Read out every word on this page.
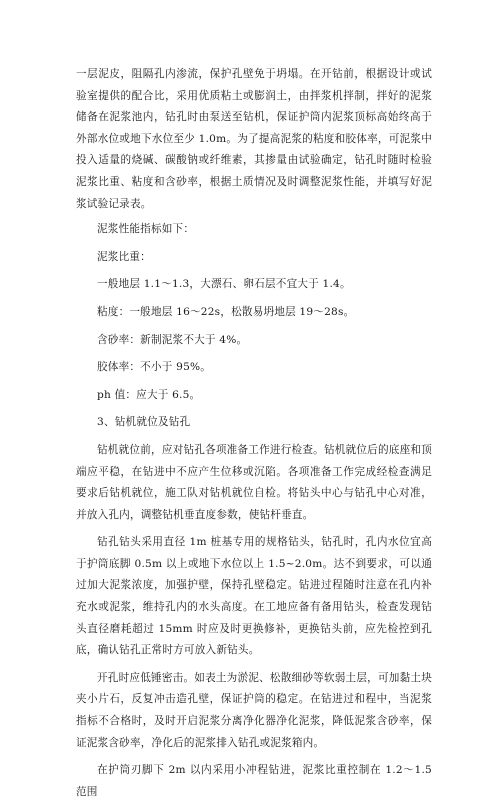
一层泥皮，阻隔孔内渗流，保护孔壁免于坍塌。在开钻前，根据设计或试验室提供的配合比，采用优质粘土或膨润土，由拌浆机拌制，拌好的泥浆储备在泥浆池内，钻孔时由泵送至钻机，保证护筒内泥浆顶标高始终高于外部水位或地下水位至少 1.0m。为了提高泥浆的粘度和胶体率，可泥浆中投入适量的烧碱、碳酸钠或纤维素，其掺量由试验确定，钻孔时随时检验泥浆比重、粘度和含砂率，根据土质情况及时调整泥浆性能，并填写好泥浆试验记录表。

泥浆性能指标如下：

泥浆比重：

一般地层 1.1～1.3，大漂石、卵石层不宜大于 1.4。

粘度：一般地层 16～22s，松散易坍地层 19～28s。

含砂率：新制泥浆不大于 4%。

胶体率：不小于 95%。

ph 值：应大于 6.5。

3、钻机就位及钻孔

钻机就位前，应对钻孔各项准备工作进行检查。钻机就位后的底座和顶端应平稳，在钻进中不应产生位移或沉陷。各项准备工作完成经检查满足要求后钻机就位，施工队对钻机就位自检。将钻头中心与钻孔中心对准，并放入孔内，调整钻机垂直度参数，使钻杆垂直。

钻孔钻头采用直径 1m 桩基专用的规格钻头，钻孔时，孔内水位宜高于护筒底脚 0.5m 以上或地下水位以上 1.5~2.0m。达不到要求，可以通过加大泥浆浓度，加强护壁，保持孔壁稳定。钻进过程随时注意在孔内补充水或泥浆，维持孔内的水头高度。在工地应备有备用钻头，检查发现钻头直径磨耗超过 15mm 时应及时更换修补，更换钻头前，应先检控到孔底，确认钻孔正常时方可放入新钻头。

开孔时应低锤密击。如表土为淤泥、松散细砂等软弱土层，可加黏土块夹小片石，反复冲击造孔壁，保证护筒的稳定。在钻进过和程中，当泥浆指标不合格时，及时开启泥浆分离净化器净化泥浆，降低泥浆含砂率，保证泥浆含砂率，净化后的泥浆排入钻孔或泥浆箱内。

在护筒刃脚下 2m 以内采用小冲程钻进，泥浆比重控制在 1.2～1.5 范围
